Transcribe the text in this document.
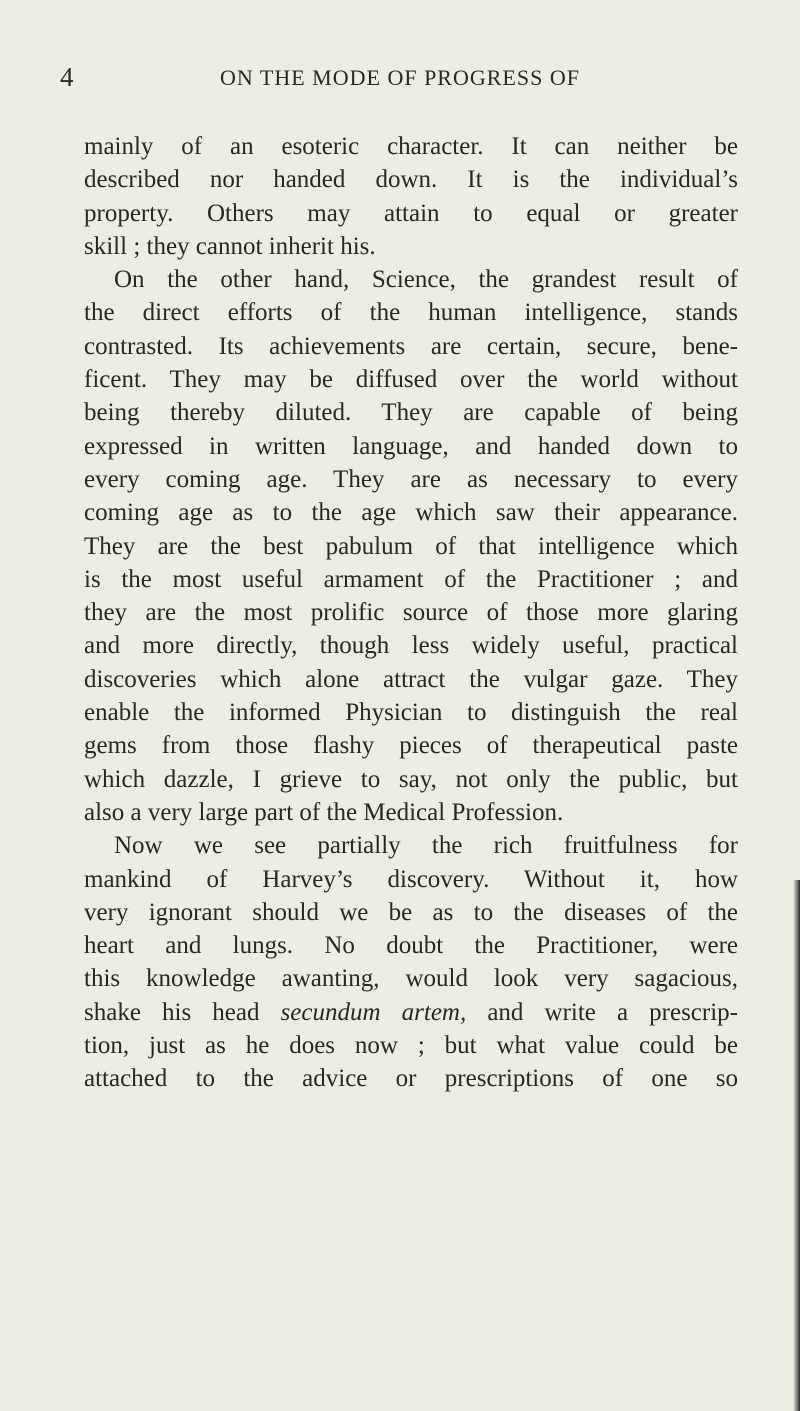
4	ON THE MODE OF PROGRESS OF
mainly of an esoteric character. It can neither be
described nor handed down. It is the individual’s
property. Others may attain to equal or greater
skill ; they cannot inherit his.
On the other hand, Science, the grandest result of
the direct efforts of the human intelligence, stands
contrasted. Its achievements are certain, secure, bene-
ficent. They may be diffused over the world without
being thereby diluted. They are capable of being
expressed in written language, and handed down to
every coming age. They are as necessary to every
coming age as to the age which saw their appearance.
They are the best pabulum of that intelligence which
is the most useful armament of the Practitioner ; and
they are the most prolific source of those more glaring
and more directly, though less widely useful, practical
discoveries which alone attract the vulgar gaze. They
enable the informed Physician to distinguish the real
gems from those flashy pieces of therapeutical paste
which dazzle, I grieve to say, not only the public, but
also a very large part of the Medical Profession.
Now we see partially the rich fruitfulness for
mankind of Harvey’s discovery. Without it, how
very ignorant should we be as to the diseases of the
heart and lungs. No doubt the Practitioner, were
this knowledge awanting, would look very sagacious,
shake his head secundum artem, and write a prescrip-
tion, just as he does now ; but what value could be
attached to the advice or prescriptions of one so
